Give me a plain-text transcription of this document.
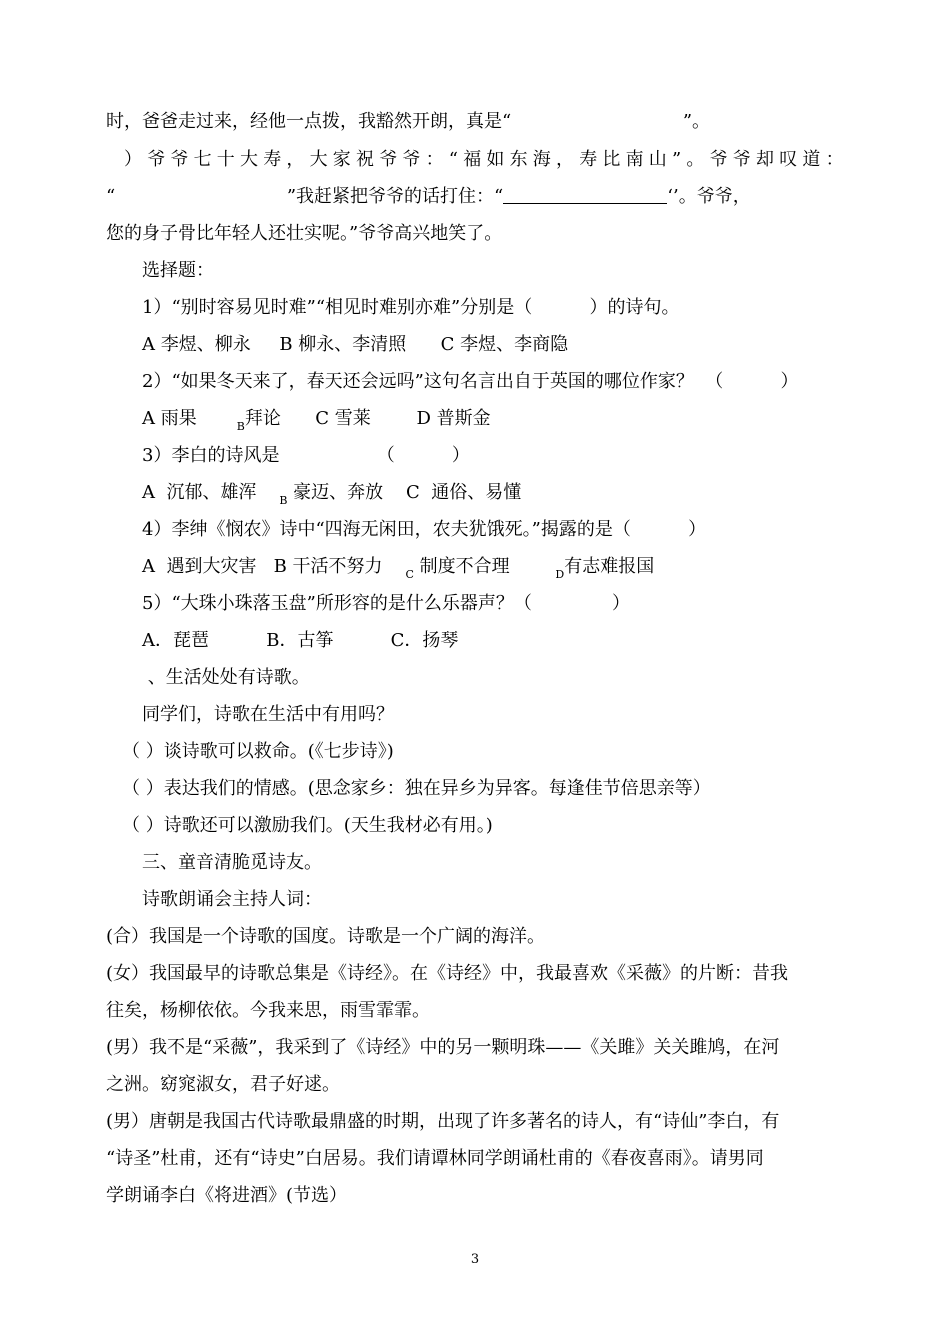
时，爸爸走过来，经他一点拨，我豁然开朗，真是“                              ”。
）爷爷七十大寿，大家祝爷爷：“福如东海，寿比南山”。爷爷却叹道：
“                              ”我赶紧把爷爷的话打住：“	‘’。爷爷，
您的身子骨比年轻人还壮实呢。”爷爷高兴地笑了。
选择题：
1）“别时容易见时难”“相见时难别亦难”分别是（          ）的诗句。
A 李煜、柳永     B 柳永、李清照      C 李煜、李商隐
2）“如果冬天来了，春天还会远吗”这句名言出自于英国的哪位作家？  （          ）
A 雨果       $_B$拜论      C 雪莱        D 普斯金
3）李白的诗风是                 （          ）
A  沉郁、雄浑    $_B$ 豪迈、奔放    C  通俗、易懂
4）李绅《悯农》诗中“四海无闲田，农夫犹饿死。”揭露的是（          ）
A  遇到大灾害   B 干活不努力    $_C$ 制度不合理        $_D$有志难报国
5）“大珠小珠落玉盘”所形容的是什么乐器声？（              ）
A．琵琶          B．古筝          C．扬琴
、生活处处有诗歌。
同学们，诗歌在生活中有用吗？
（ ）谈诗歌可以救命。(《七步诗》)
（ ）表达我们的情感。(思念家乡：独在异乡为异客。每逢佳节倍思亲等）
（ ）诗歌还可以激励我们。(天生我材必有用。)
三、童音清脆觅诗友。
诗歌朗诵会主持人词：
(合）我国是一个诗歌的国度。诗歌是一个广阔的海洋。
(女）我国最早的诗歌总集是《诗经》。在《诗经》中，我最喜欢《采薇》的片断：昔我
往矣，杨柳依依。今我来思，雨雪霏霏。
(男）我不是“采薇”，我采到了《诗经》中的另一颗明珠——《关雎》关关雎鸠，在河
之洲。窈窕淑女，君子好逑。
(男）唐朝是我国古代诗歌最鼎盛的时期，出现了许多著名的诗人，有“诗仙”李白，有
“诗圣”杜甫，还有“诗史”白居易。我们请谭林同学朗诵杜甫的《春夜喜雨》。请男同
学朗诵李白《将进酒》(节选）
3
